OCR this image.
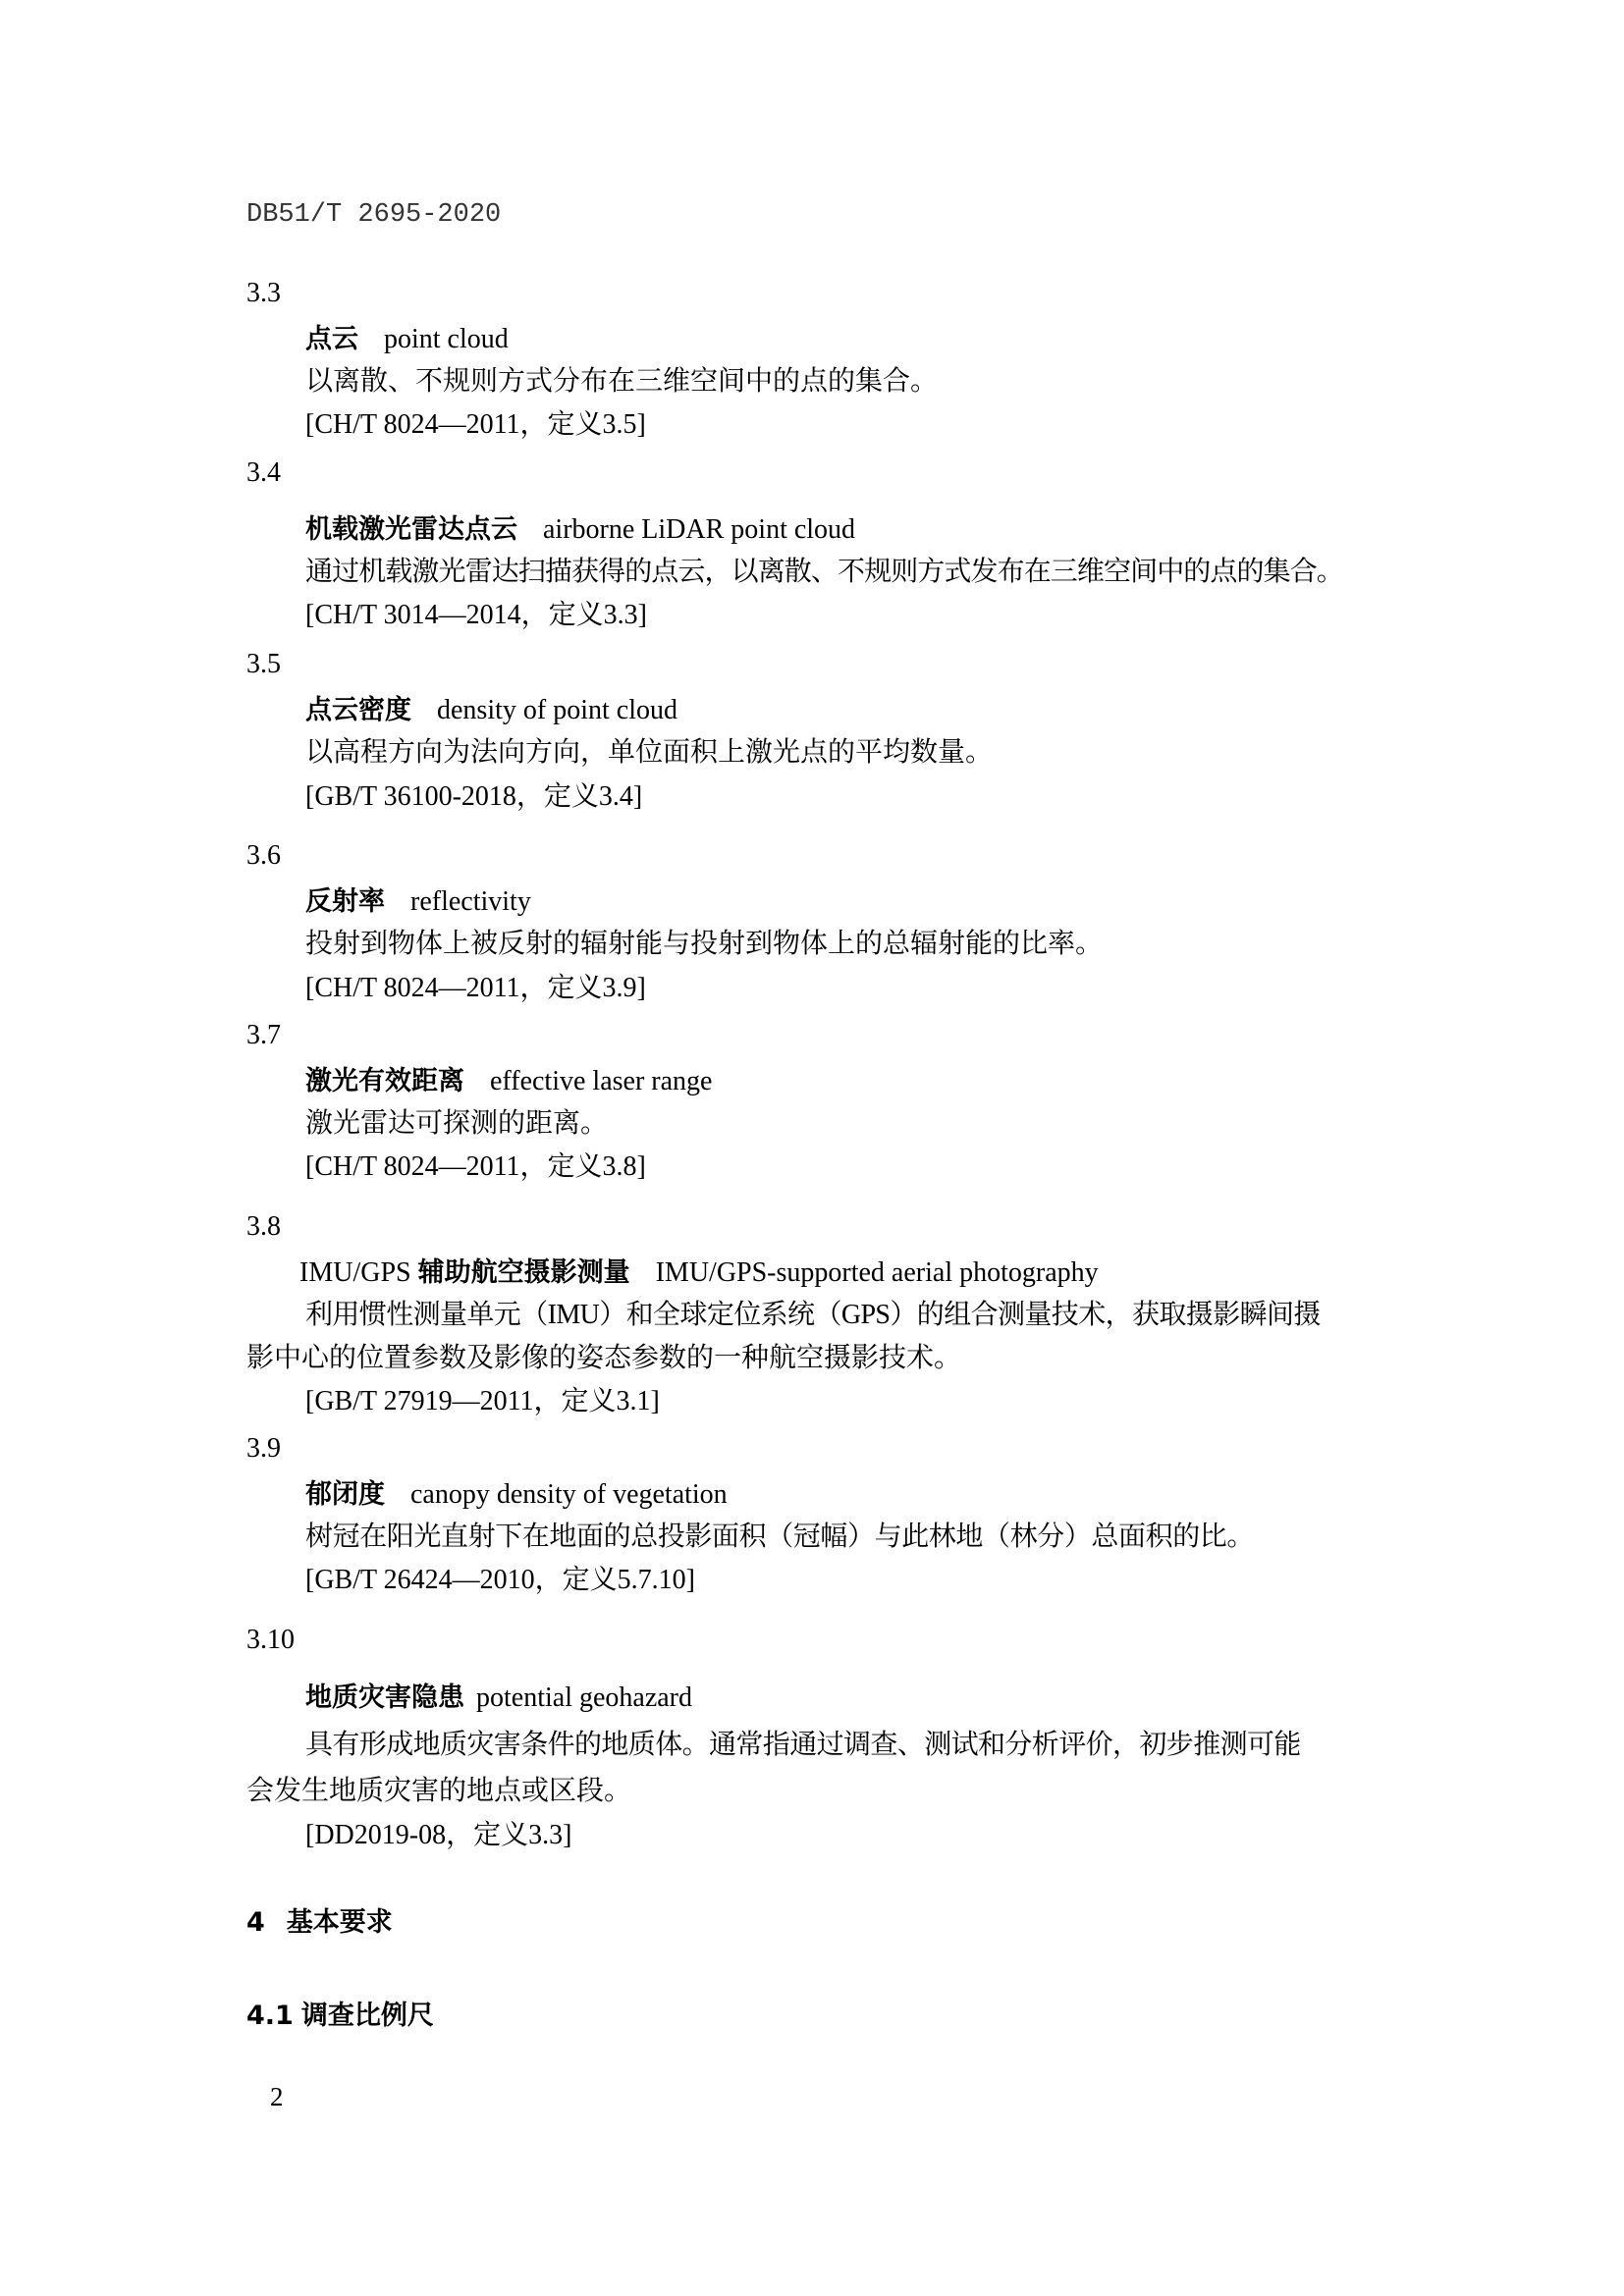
DB51/T 2695-2020
3.3
点云 point cloud
以离散、不规则方式分布在三维空间中的点的集合。
[CH/T 8024—2011，定义3.5]
3.4
机载激光雷达点云 airborne LiDAR point cloud
通过机载激光雷达扫描获得的点云，以离散、不规则方式发布在三维空间中的点的集合。
[CH/T 3014—2014，定义3.3]
3.5
点云密度 density of point cloud
以高程方向为法向方向，单位面积上激光点的平均数量。
[GB/T 36100-2018，定义3.4]
3.6
反射率 reflectivity
投射到物体上被反射的辐射能与投射到物体上的总辐射能的比率。
[CH/T 8024—2011，定义3.9]
3.7
激光有效距离 effective laser range
激光雷达可探测的距离。
[CH/T 8024—2011，定义3.8]
3.8
IMU/GPS 辅助航空摄影测量 IMU/GPS-supported aerial photography
利用惯性测量单元（IMU）和全球定位系统（GPS）的组合测量技术，获取摄影瞬间摄
影中心的位置参数及影像的姿态参数的一种航空摄影技术。
[GB/T 27919—2011，定义3.1]
3.9
郁闭度 canopy density of vegetation
树冠在阳光直射下在地面的总投影面积（冠幅）与此林地（林分）总面积的比。
[GB/T 26424—2010，定义5.7.10]
3.10
地质灾害隐患 potential geohazard
具有形成地质灾害条件的地质体。通常指通过调查、测试和分析评价，初步推测可能
会发生地质灾害的地点或区段。
[DD2019-08，定义3.3]
4 基本要求
4.1 调查比例尺
2
